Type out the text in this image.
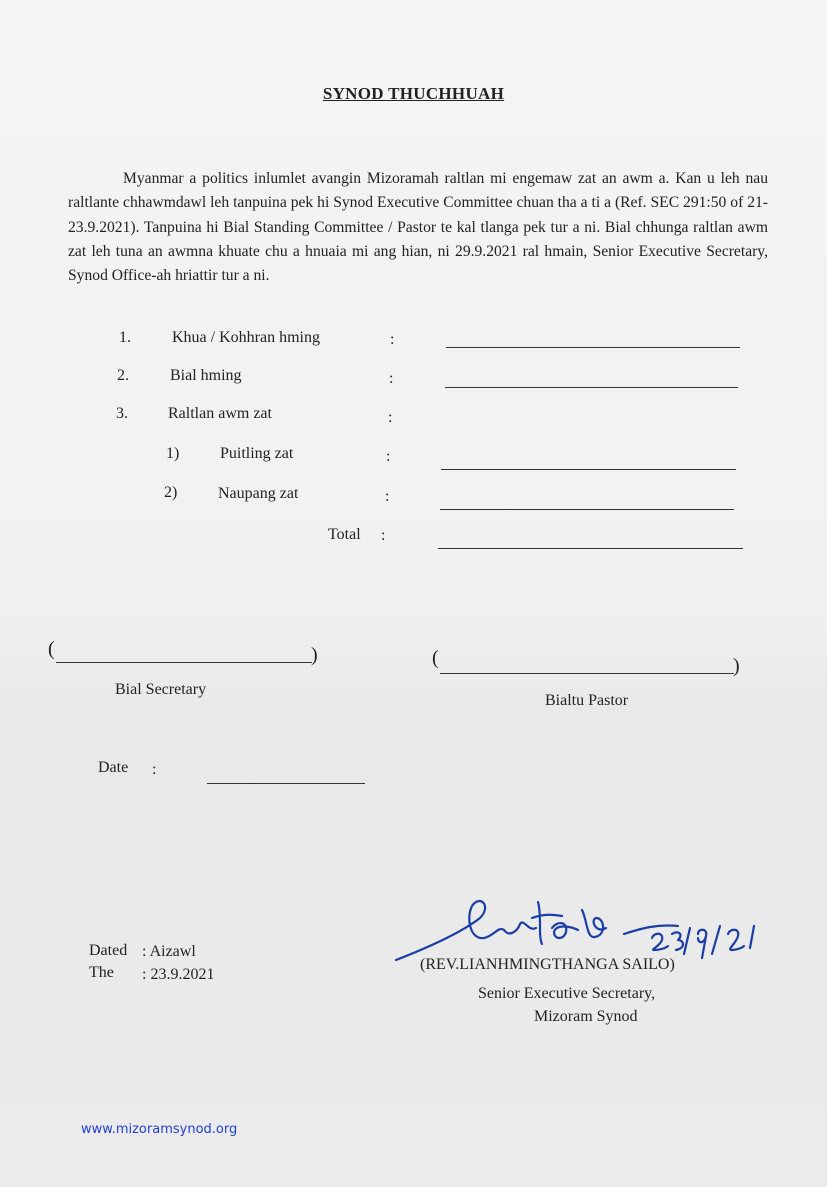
SYNOD THUCHHUAH

Myanmar a politics inlumlet avangin Mizoramah raltlan mi engemaw zat an awm a. Kan u leh nau raltlante chhawmdawl leh tanpuina pek hi Synod Executive Committee chuan tha a ti a (Ref. SEC 291:50 of 21-23.9.2021). Tanpuina hi Bial Standing Committee / Pastor te kal tlanga pek tur a ni. Bial chhunga raltlan awm zat leh tuna an awmna khuate chu a hnuaia mi ang hian, ni 29.9.2021 ral hmain, Senior Executive Secretary, Synod Office-ah hriattir tur a ni.

1.	Khua / Kohhran hming	:
2.	Bial hming	:
3.	Raltlan awm zat	:
1)	Puitling zat	:
2)	Naupang zat	:
Total :
(	)
Bial Secretary
(	)
Bialtu Pastor
Date :
Dated : Aizawl
The : 23.9.2021
(REV.LIANHMINGTHANGA SAILO)
Senior Executive Secretary,
Mizoram Synod
www.mizoramsynod.org
